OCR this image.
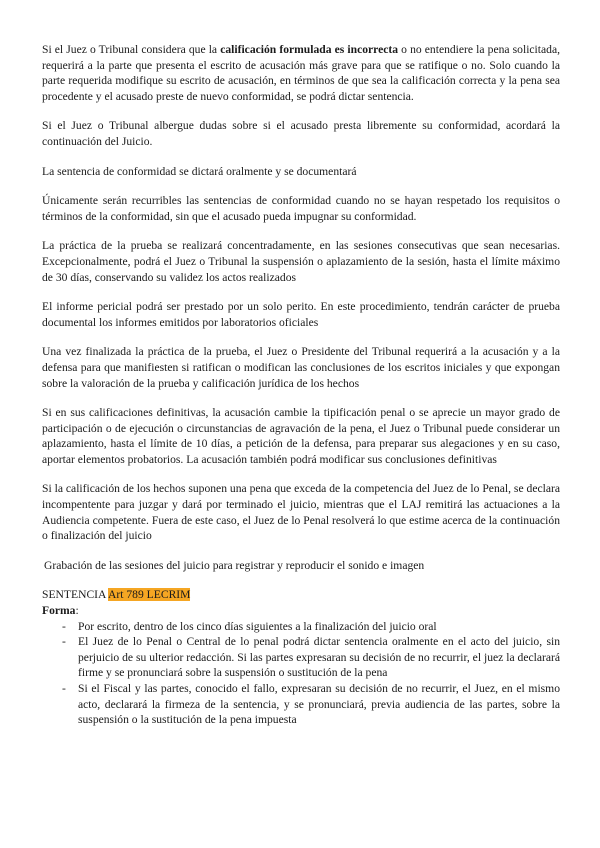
Si el Juez o Tribunal considera que la calificación formulada es incorrecta o no entendiere la pena solicitada, requerirá a la parte que presenta el escrito de acusación más grave para que se ratifique o no. Solo cuando la parte requerida modifique su escrito de acusación, en términos de que sea la calificación correcta y la pena sea procedente y el acusado preste de nuevo conformidad, se podrá dictar sentencia.

Si el Juez o Tribunal albergue dudas sobre si el acusado presta libremente su conformidad, acordará la continuación del Juicio.

La sentencia de conformidad se dictará oralmente y se documentará

Únicamente serán recurribles las sentencias de conformidad cuando no se hayan respetado los requisitos o términos de la conformidad, sin que el acusado pueda impugnar su conformidad.

La práctica de la prueba se realizará concentradamente, en las sesiones consecutivas que sean necesarias. Excepcionalmente, podrá el Juez o Tribunal la suspensión o aplazamiento de la sesión, hasta el límite máximo de 30 días, conservando su validez los actos realizados

El informe pericial podrá ser prestado por un solo perito. En este procedimiento, tendrán carácter de prueba documental los informes emitidos por laboratorios oficiales

Una vez finalizada la práctica de la prueba, el Juez o Presidente del Tribunal requerirá a la acusación y a la defensa para que manifiesten si ratifican o modifican las conclusiones de los escritos iniciales y que expongan sobre la valoración de la prueba y calificación jurídica de los hechos

Si en sus calificaciones definitivas, la acusación cambie la tipificación penal o se aprecie un mayor grado de participación o de ejecución o circunstancias de agravación de la pena, el Juez o Tribunal puede considerar un aplazamiento, hasta el límite de 10 días, a petición de la defensa, para preparar sus alegaciones y en su caso, aportar elementos probatorios. La acusación también podrá modificar sus conclusiones definitivas

Si la calificación de los hechos suponen una pena que exceda de la competencia del Juez de lo Penal, se declara incompentente para juzgar y dará por terminado el juicio, mientras que el LAJ remitirá las actuaciones a la Audiencia competente. Fuera de este caso, el Juez de lo Penal resolverá lo que estime acerca de la continuación o finalización del juicio

Grabación de las sesiones del juicio para registrar y reproducir el sonido e imagen

SENTENCIA Art 789 LECRIM
Forma:
- Por escrito, dentro de los cinco días siguientes a la finalización del juicio oral
- El Juez de lo Penal o Central de lo penal podrá dictar sentencia oralmente en el acto del juicio, sin perjuicio de su ulterior redacción. Si las partes expresaran su decisión de no recurrir, el juez la declarará firme y se pronunciará sobre la suspensión o sustitución de la pena
- Si el Fiscal y las partes, conocido el fallo, expresaran su decisión de no recurrir, el Juez, en el mismo acto, declarará la firmeza de la sentencia, y se pronunciará, previa audiencia de las partes, sobre la suspensión o la sustitución de la pena impuesta
